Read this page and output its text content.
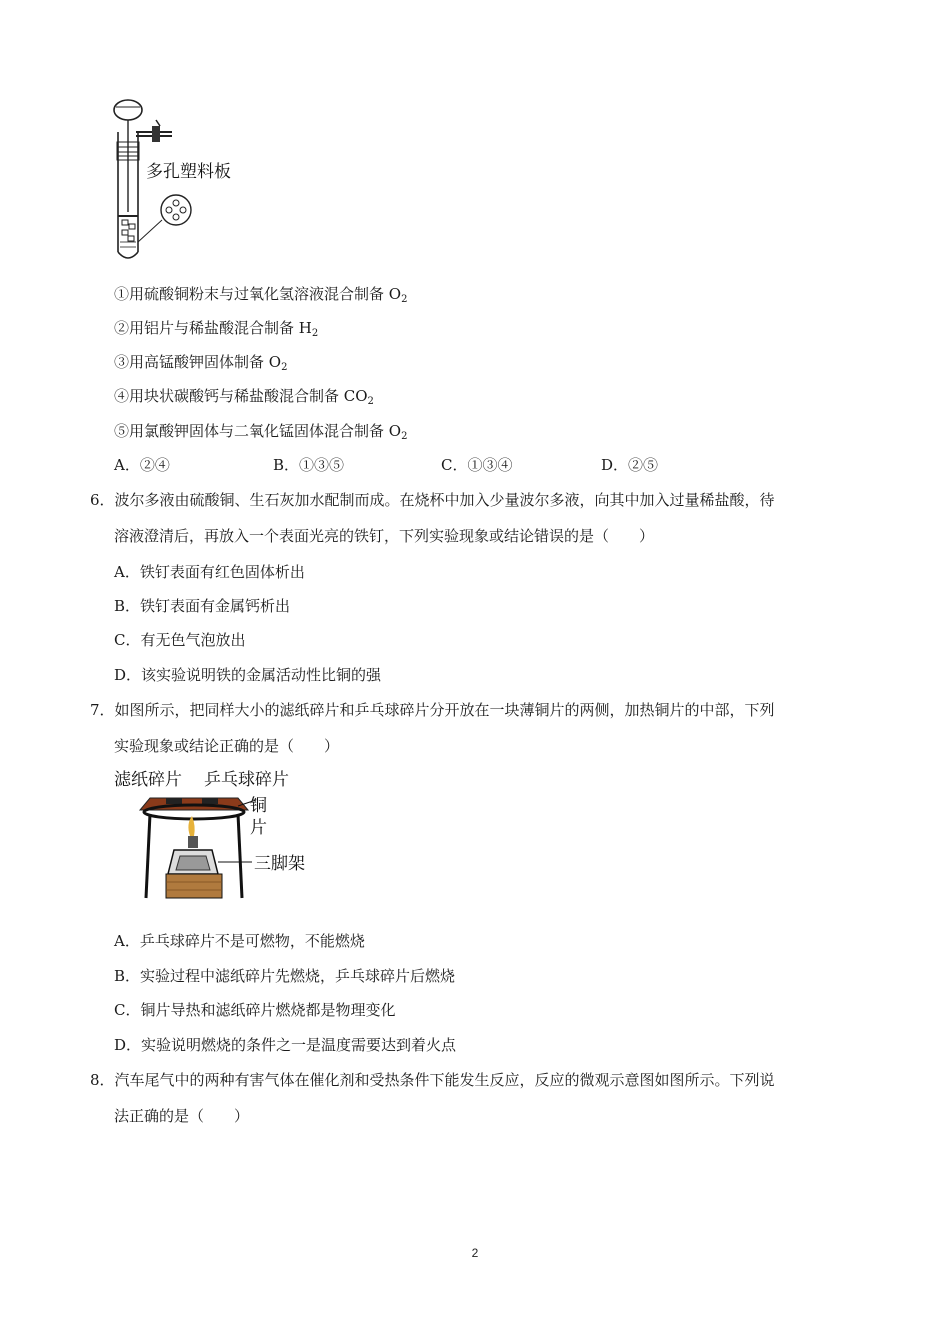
多孔塑料板
①用硫酸铜粉末与过氧化氢溶液混合制备 $O_2$
②用铝片与稀盐酸混合制备 $H_2$
③用高锰酸钾固体制备 $O_2$
④用块状碳酸钙与稀盐酸混合制备 $CO_2$
⑤用氯酸钾固体与二氧化锰固体混合制备 $O_2$
A．②④	B．①③⑤	C．①③④	D．②⑤
6．波尔多液由硫酸铜、生石灰加水配制而成。在烧杯中加入少量波尔多液，向其中加入过量稀盐酸，待
溶液澄清后，再放入一个表面光亮的铁钉，下列实验现象或结论错误的是（　　）
A．铁钉表面有红色固体析出
B．铁钉表面有金属钙析出
C．有无色气泡放出
D．该实验说明铁的金属活动性比铜的强
7．如图所示，把同样大小的滤纸碎片和乒乓球碎片分开放在一块薄铜片的两侧，加热铜片的中部，下列
实验现象或结论正确的是（　　）
滤纸碎片 乒乓球碎片
铜
片
三脚架
A．乒乓球碎片不是可燃物，不能燃烧
B．实验过程中滤纸碎片先燃烧，乒乓球碎片后燃烧
C．铜片导热和滤纸碎片燃烧都是物理变化
D．实验说明燃烧的条件之一是温度需要达到着火点
8．汽车尾气中的两种有害气体在催化剂和受热条件下能发生反应，反应的微观示意图如图所示。下列说
法正确的是（　　）
2
